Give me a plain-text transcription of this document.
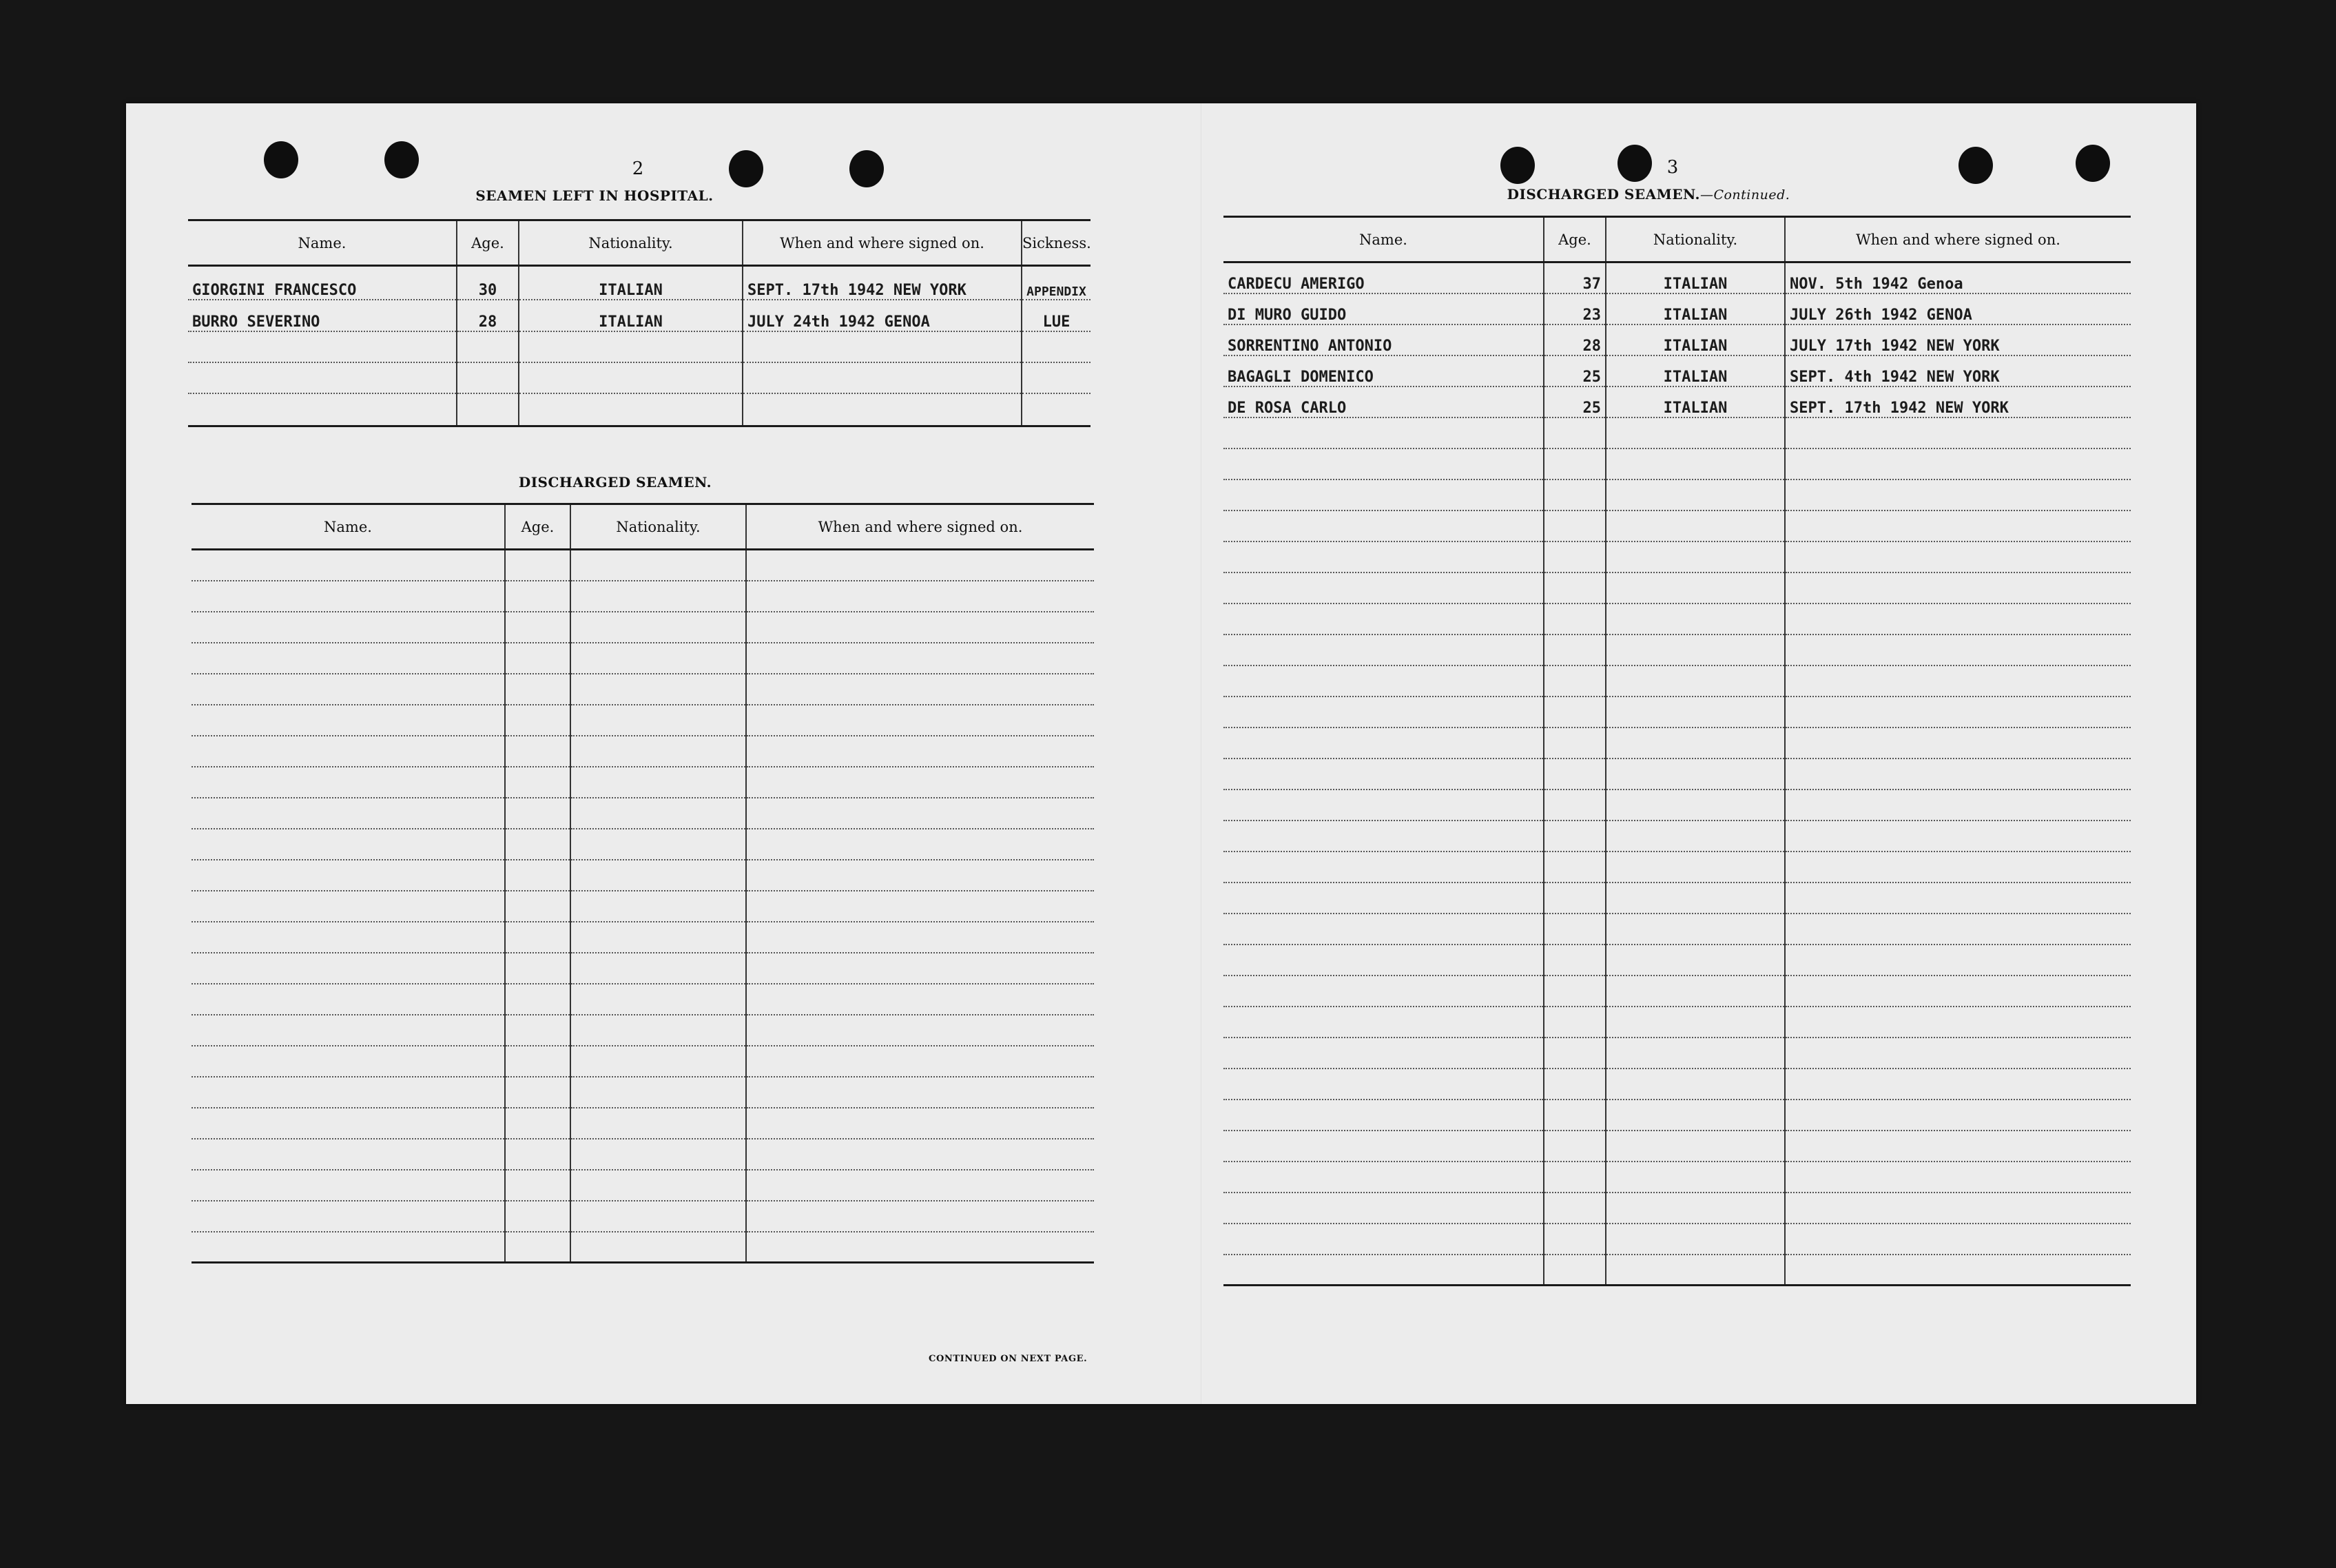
2
SEAMEN LEFT IN HOSPITAL.
Name.	Age.	Nationality.	When and where signed on.	Sickness.
GIORGINI FRANCESCO	30	ITALIAN	SEPT. 17th 1942 NEW YORK	APPENDIX
BURRO SEVERINO	28	ITALIAN	JULY 24th 1942 GENOA	LUE

DISCHARGED SEAMEN.
Name.	Age.	Nationality.	When and where signed on.

CONTINUED ON NEXT PAGE.
3
DISCHARGED SEAMEN.—Continued.
Name.	Age.	Nationality.	When and where signed on.
CARDECU AMERIGO	37	ITALIAN	NOV. 5th 1942 Genoa
DI MURO GUIDO	23	ITALIAN	JULY 26th 1942 GENOA
SORRENTINO ANTONIO	28	ITALIAN	JULY 17th 1942 NEW YORK
BAGAGLI DOMENICO	25	ITALIAN	SEPT. 4th 1942 NEW YORK
DE ROSA CARLO	25	ITALIAN	SEPT. 17th 1942 NEW YORK
